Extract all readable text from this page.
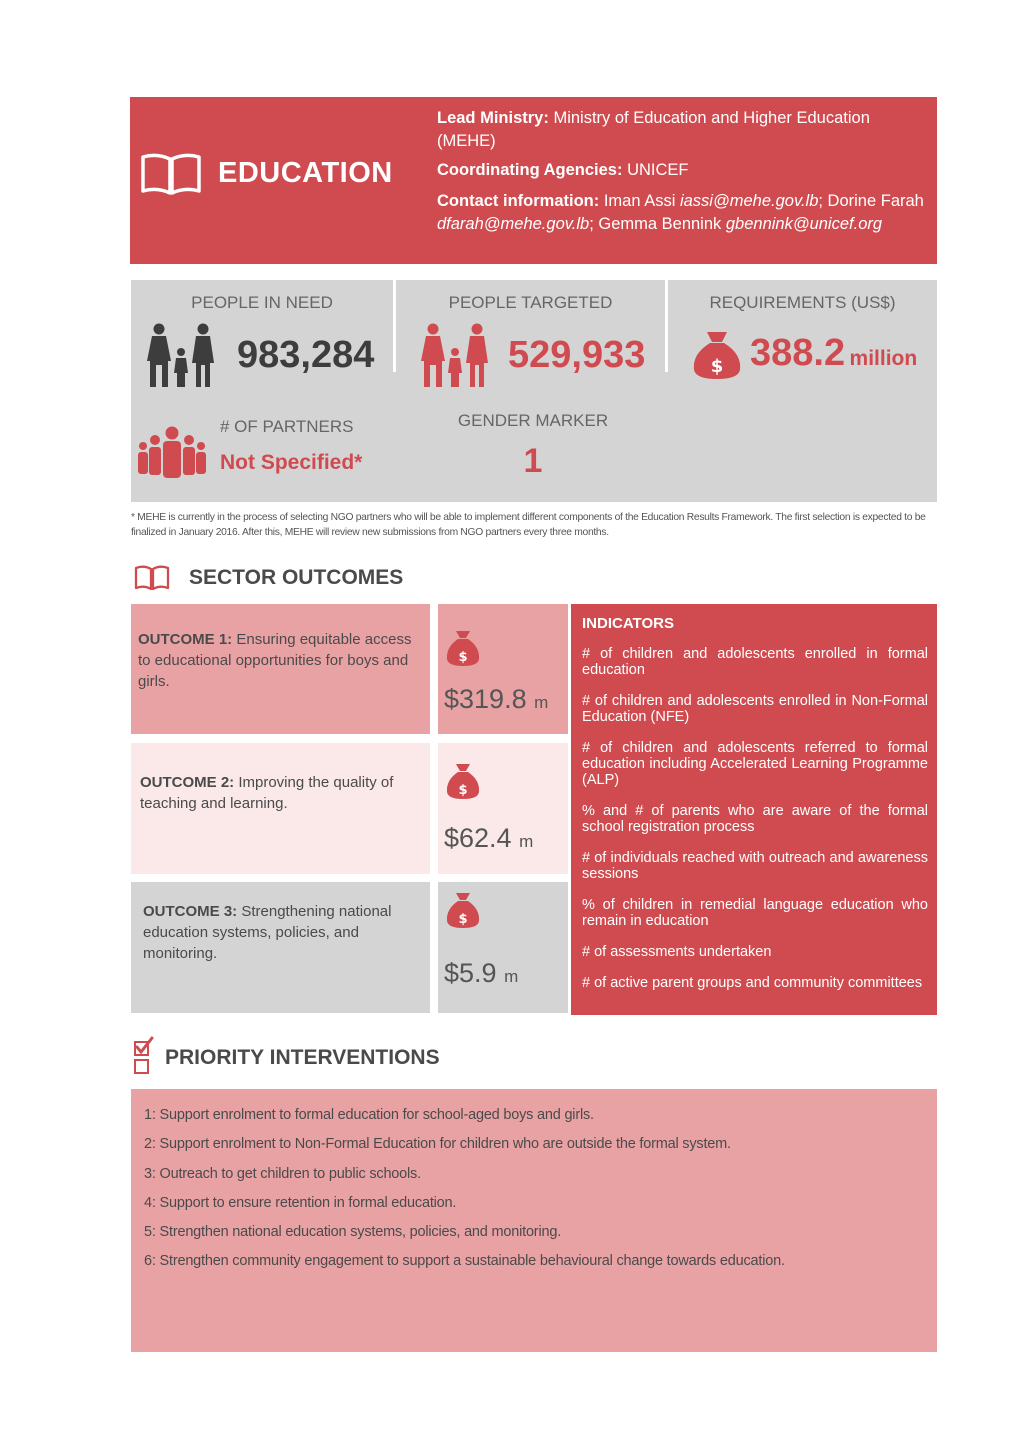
EDUCATION
Lead Ministry: Ministry of Education and Higher Education (MEHE)
Coordinating Agencies: UNICEF
Contact information: Iman Assi iassi@mehe.gov.lb; Dorine Farah dfarah@mehe.gov.lb; Gemma Bennink gbennink@unicef.org
PEOPLE IN NEED
983,284
PEOPLE TARGETED
529,933
REQUIREMENTS (US$)
$ 388.2 million
# OF PARTNERS
Not Specified*
GENDER MARKER
1
* MEHE is currently in the process of selecting NGO partners who will be able to implement different components of the Education Results Framework. The first selection is expected to be finalized in January 2016. After this, MEHE will review new submissions from NGO partners every three months.
SECTOR OUTCOMES
OUTCOME 1: Ensuring equitable access to educational opportunities for boys and girls.
$
$319.8 m
OUTCOME 2: Improving the quality of teaching and learning.
$
$62.4 m
OUTCOME 3: Strengthening national education systems, policies, and monitoring.
$
$5.9 m
INDICATORS
# of children and adolescents enrolled in formal education
# of children and adolescents enrolled in Non-Formal Education (NFE)
# of children and adolescents referred to formal education including Accelerated Learning Programme (ALP)
% and # of parents who are aware of the formal school registration process
# of individuals reached with outreach and awareness sessions
% of children in remedial language education who remain in education
# of assessments undertaken
# of active parent groups and community committees
PRIORITY INTERVENTIONS
1: Support enrolment to formal education for school-aged boys and girls.
2: Support enrolment to Non-Formal Education for children who are outside the formal system.
3: Outreach to get children to public schools.
4: Support to ensure retention in formal education.
5: Strengthen national education systems, policies, and monitoring.
6: Strengthen community engagement to support a sustainable behavioural change towards education.
